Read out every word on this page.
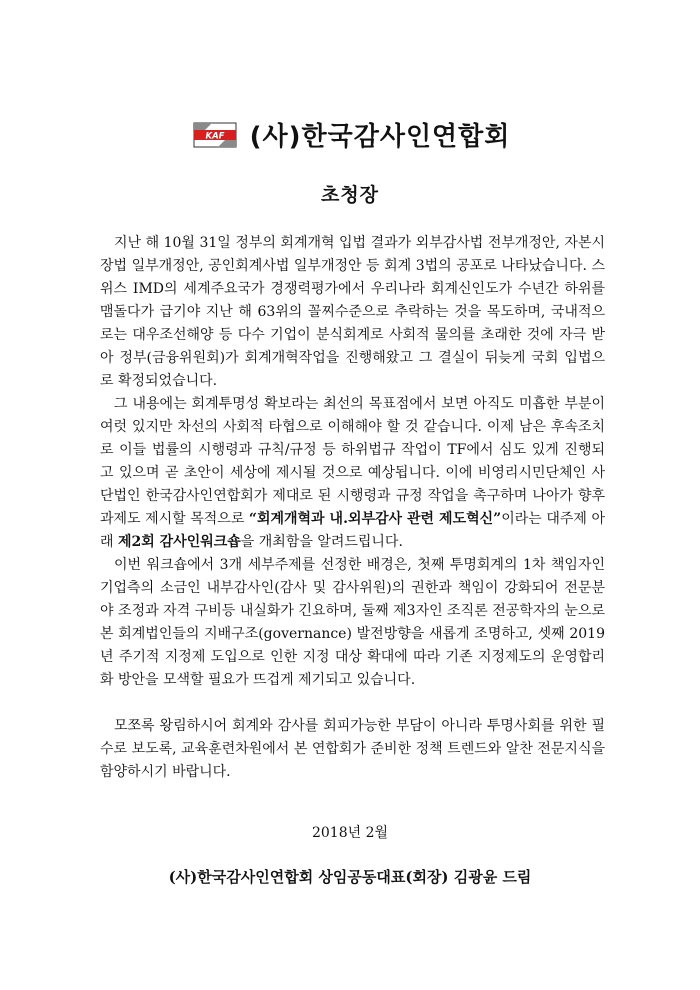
KAF (사)한국감사인연합회
초청장

지난 해 10월 31일 정부의 회계개혁 입법 결과가 외부감사법 전부개정안, 자본시장법 일부개정안, 공인회계사법 일부개정안 등 회계 3법의 공포로 나타났습니다. 스위스 IMD의 세계주요국가 경쟁력평가에서 우리나라 회계신인도가 수년간 하위를 맴돌다가 급기야 지난 해 63위의 꼴찌수준으로 추락하는 것을 목도하며, 국내적으로는 대우조선해양 등 다수 기업이 분식회계로 사회적 물의를 초래한 것에 자극 받아 정부(금융위원회)가 회계개혁작업을 진행해왔고 그 결실이 뒤늦게 국회 입법으로 확정되었습니다.

그 내용에는 회계투명성 확보라는 최선의 목표점에서 보면 아직도 미흡한 부분이 여럿 있지만 차선의 사회적 타협으로 이해해야 할 것 같습니다. 이제 남은 후속조치로 이들 법률의 시행령과 규칙/규정 등 하위법규 작업이 TF에서 심도 있게 진행되고 있으며 곧 초안이 세상에 제시될 것으로 예상됩니다. 이에 비영리시민단체인 사단법인 한국감사인연합회가 제대로 된 시행령과 규정 작업을 촉구하며 나아가 향후 과제도 제시할 목적으로 “회계개혁과 내.외부감사 관련 제도혁신”이라는 대주제 아래 제2회 감사인워크숍을 개최함을 알려드립니다.

이번 워크숍에서 3개 세부주제를 선정한 배경은, 첫째 투명회계의 1차 책임자인 기업측의 소금인 내부감사인(감사 및 감사위원)의 권한과 책임이 강화되어 전문분야 조정과 자격 구비등 내실화가 긴요하며, 둘째 제3자인 조직론 전공학자의 눈으로 본 회계법인들의 지배구조(governance) 발전방향을 새롭게 조명하고, 셋째 2019년 주기적 지정제 도입으로 인한 지정 대상 확대에 따라 기존 지정제도의 운영합리화 방안을 모색할 필요가 뜨겁게 제기되고 있습니다.

모쪼록 왕림하시어 회계와 감사를 회피가능한 부담이 아니라 투명사회를 위한 필수로 보도록, 교육훈련차원에서 본 연합회가 준비한 정책 트렌드와 알찬 전문지식을 함양하시기 바랍니다.

2018년 2월
(사)한국감사인연합회 상임공동대표(회장) 김광윤 드림
